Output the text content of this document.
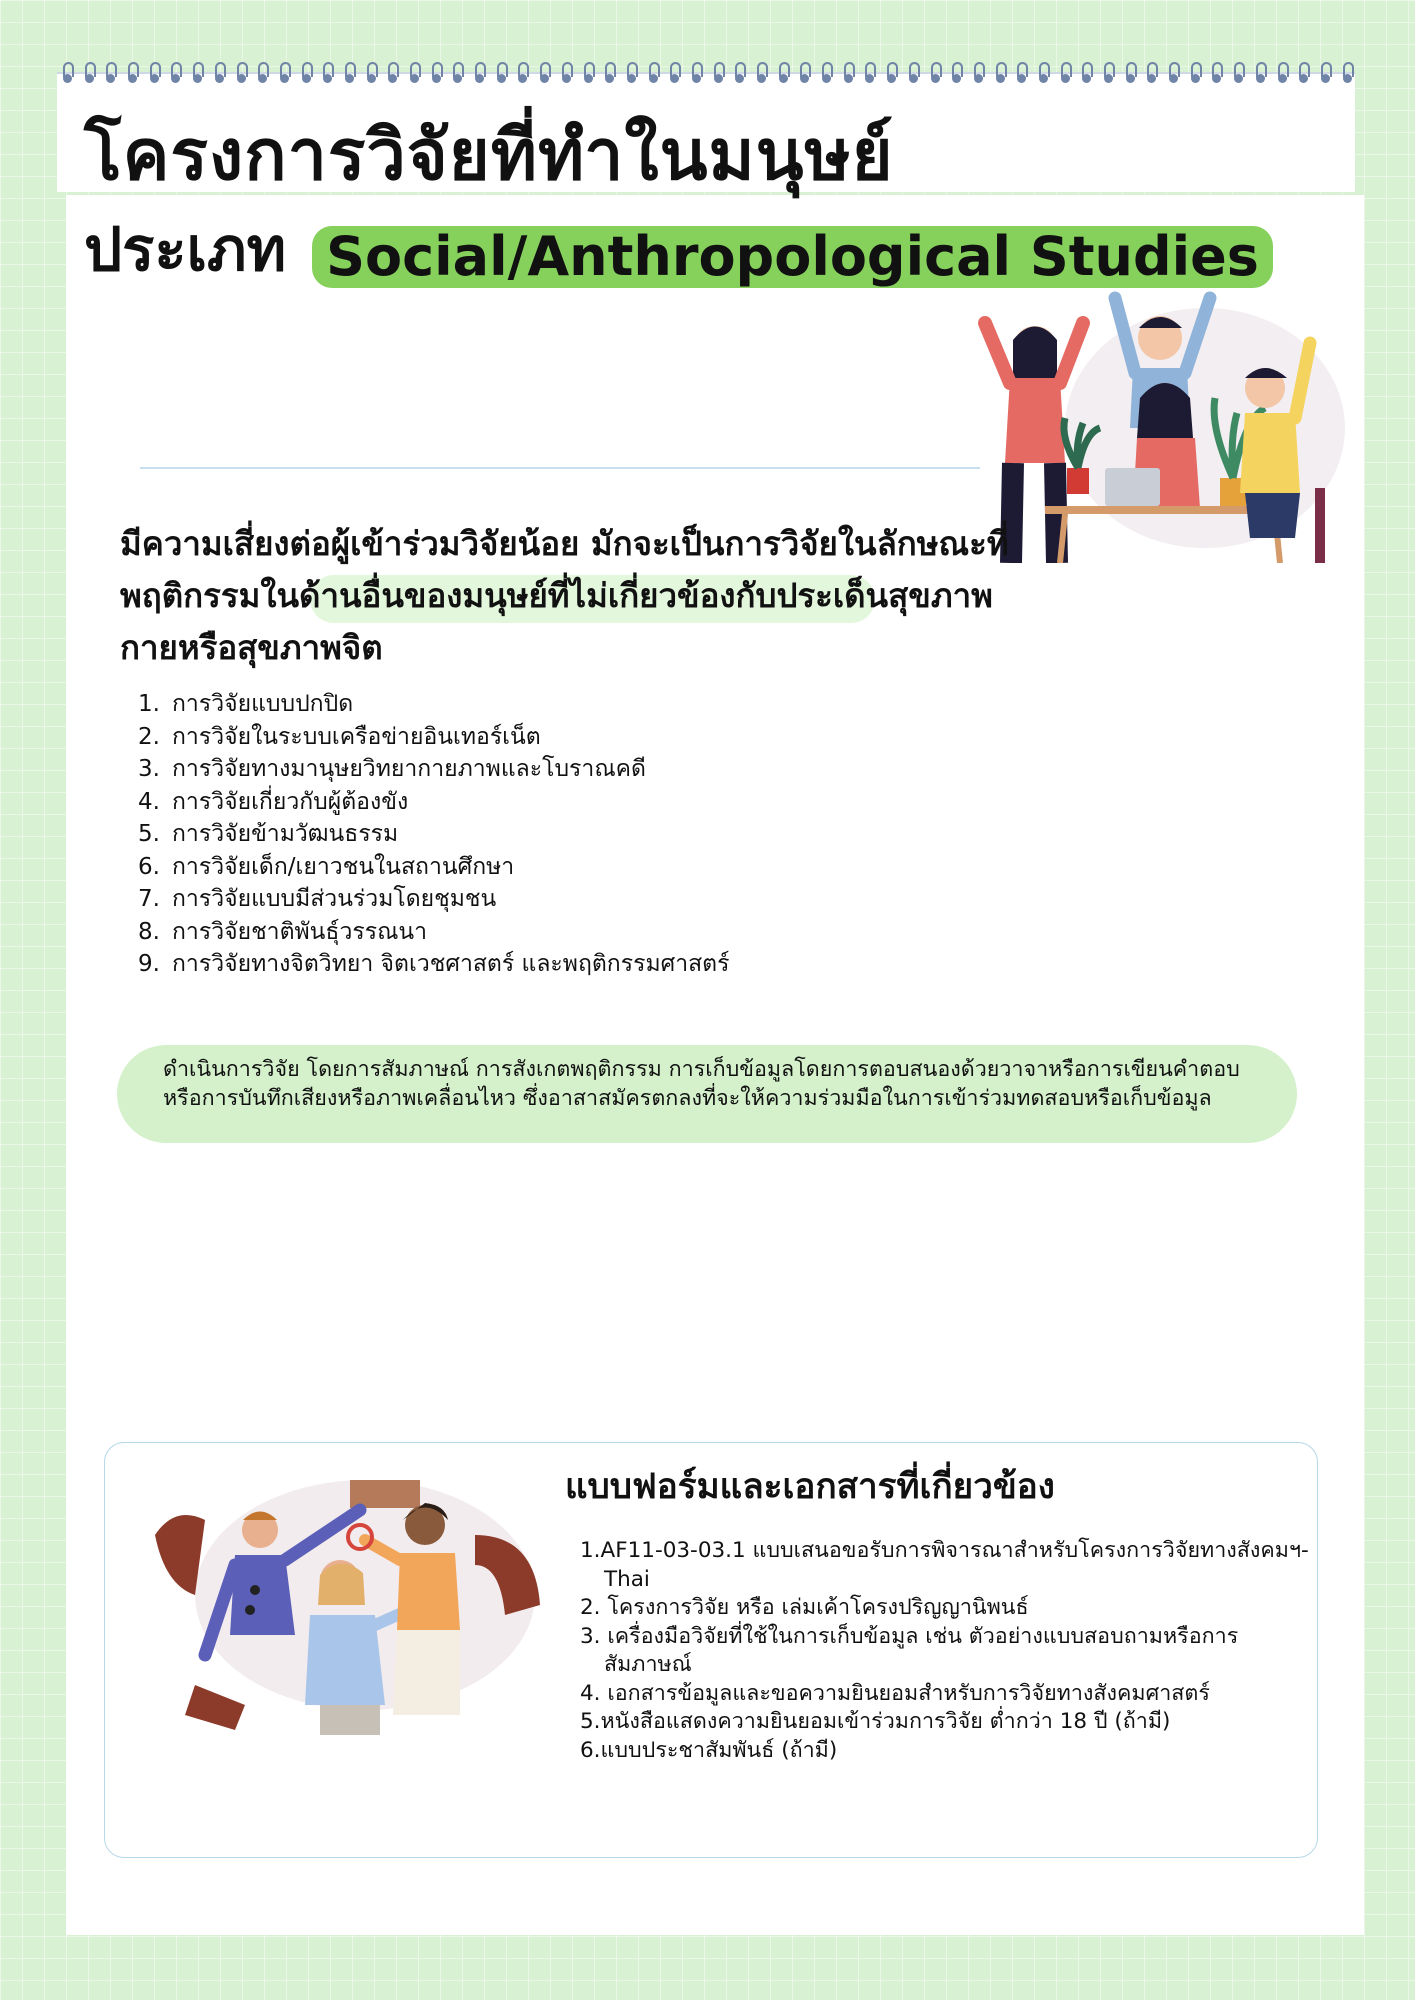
โครงการวิจัยที่ทำในมนุษย์
ประเภท Social/Anthropological Studies

มีความเสี่ยงต่อผู้เข้าร่วมวิจัยน้อย มักจะเป็นการวิจัยในลักษณะที่พฤติกรรมในด้านอื่นของมนุษย์ที่ไม่เกี่ยวข้องกับประเด็นสุขภาพกายหรือสุขภาพจิต

1. การวิจัยแบบปกปิด
2. การวิจัยในระบบเครือข่ายอินเทอร์เน็ต
3. การวิจัยทางมานุษยวิทยากายภาพและโบราณคดี
4. การวิจัยเกี่ยวกับผู้ต้องขัง
5. การวิจัยข้ามวัฒนธรรม
6. การวิจัยเด็ก/เยาวชนในสถานศึกษา
7. การวิจัยแบบมีส่วนร่วมโดยชุมชน
8. การวิจัยชาติพันธุ์วรรณนา
9. การวิจัยทางจิตวิทยา จิตเวชศาสตร์ และพฤติกรรมศาสตร์

ดำเนินการวิจัย โดยการสัมภาษณ์ การสังเกตพฤติกรรม การเก็บข้อมูลโดยการตอบสนองด้วยวาจาหรือการเขียนคำตอบ หรือการบันทึกเสียงหรือภาพเคลื่อนไหว ซึ่งอาสาสมัครตกลงที่จะให้ความร่วมมือในการเข้าร่วมทดสอบหรือเก็บข้อมูล

แบบฟอร์มและเอกสารที่เกี่ยวข้อง
1.AF11-03-03.1 แบบเสนอขอรับการพิจารณาสำหรับโครงการวิจัยทางสังคมฯ-Thai
2. โครงการวิจัย หรือ เล่มเค้าโครงปริญญานิพนธ์
3. เครื่องมือวิจัยที่ใช้ในการเก็บข้อมูล เช่น ตัวอย่างแบบสอบถามหรือการสัมภาษณ์
4. เอกสารข้อมูลและขอความยินยอมสำหรับการวิจัยทางสังคมศาสตร์
5.หนังสือแสดงความยินยอมเข้าร่วมการวิจัย ต่ำกว่า 18 ปี (ถ้ามี)
6.แบบประชาสัมพันธ์ (ถ้ามี)
